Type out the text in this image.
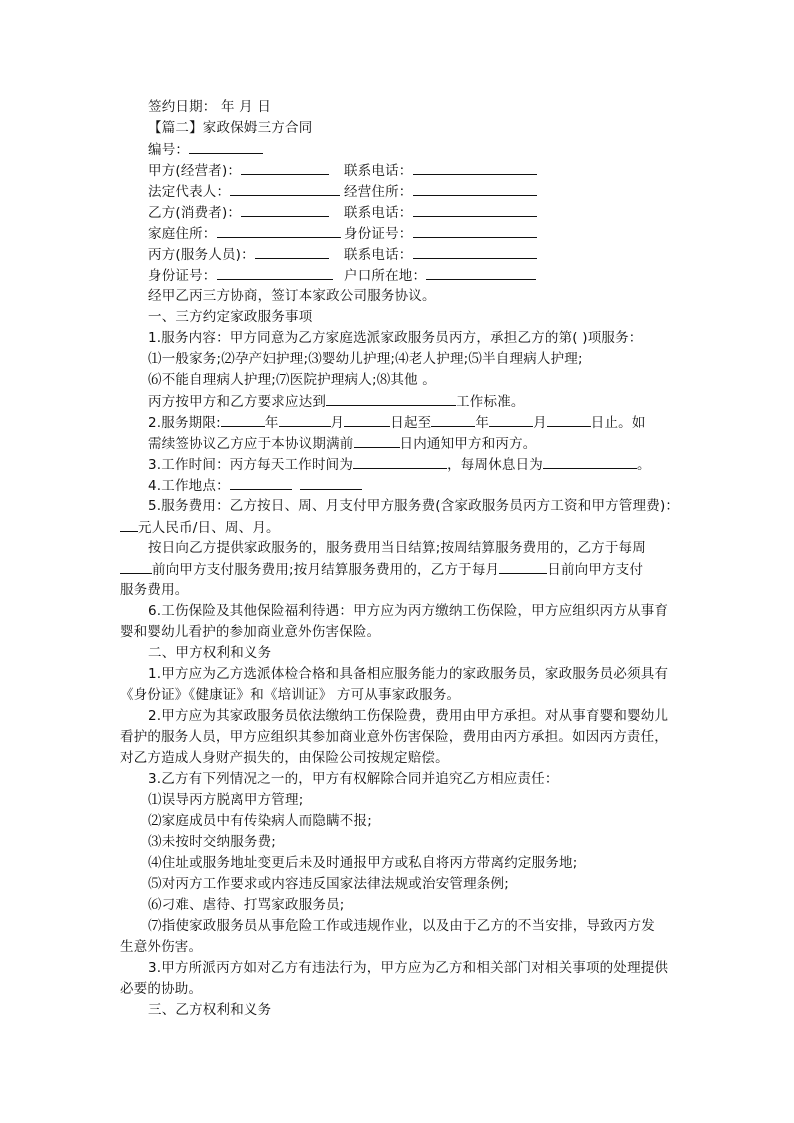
签约日期： 年 月 日
【篇二】家政保姆三方合同
编号：
甲方(经营者)：	联系电话：
法定代表人：	经营住所：
乙方(消费者)：	联系电话：
家庭住所：	身份证号：
丙方(服务人员)：	联系电话：
身份证号：	户口所在地：
经甲乙丙三方协商，签订本家政公司服务协议。
一、三方约定家政服务事项
1.服务内容：甲方同意为乙方家庭选派家政服务员丙方，承担乙方的第( )项服务：
⑴一般家务;⑵孕产妇护理;⑶婴幼儿护理;⑷老人护理;⑸半自理病人护理;
⑹不能自理病人护理;⑺医院护理病人;⑻其他 。
丙方按甲方和乙方要求应达到	工作标准。
2.服务期限:	年	月	日起至	年	月	日止。如
需续签协议乙方应于本协议期满前	日内通知甲方和丙方。
3.工作时间：丙方每天工作时间为	，每周休息日为	。
4.工作地点：
5.服务费用：乙方按日、周、月支付甲方服务费(含家政服务员丙方工资和甲方管理费)：
元人民币/日、周、月。
按日向乙方提供家政服务的，服务费用当日结算;按周结算服务费用的，乙方于每周
前向甲方支付服务费用;按月结算服务费用的，乙方于每月	日前向甲方支付
服务费用。
6.工伤保险及其他保险福利待遇：甲方应为丙方缴纳工伤保险，甲方应组织丙方从事育
婴和婴幼儿看护的参加商业意外伤害保险。
二、甲方权利和义务
1.甲方应为乙方选派体检合格和具备相应服务能力的家政服务员，家政服务员必须具有
《身份证》《健康证》和《培训证》 方可从事家政服务。
2.甲方应为其家政服务员依法缴纳工伤保险费，费用由甲方承担。对从事育婴和婴幼儿
看护的服务人员，甲方应组织其参加商业意外伤害保险，费用由丙方承担。如因丙方责任，
对乙方造成人身财产损失的，由保险公司按规定赔偿。
3.乙方有下列情况之一的，甲方有权解除合同并追究乙方相应责任：
⑴误导丙方脱离甲方管理;
⑵家庭成员中有传染病人而隐瞒不报;
⑶未按时交纳服务费;
⑷住址或服务地址变更后未及时通报甲方或私自将丙方带离约定服务地;
⑸对丙方工作要求或内容违反国家法律法规或治安管理条例;
⑹刁难、虐待、打骂家政服务员;
⑺指使家政服务员从事危险工作或违规作业，以及由于乙方的不当安排，导致丙方发
生意外伤害。
3.甲方所派丙方如对乙方有违法行为，甲方应为乙方和相关部门对相关事项的处理提供
必要的协助。
三、乙方权利和义务
